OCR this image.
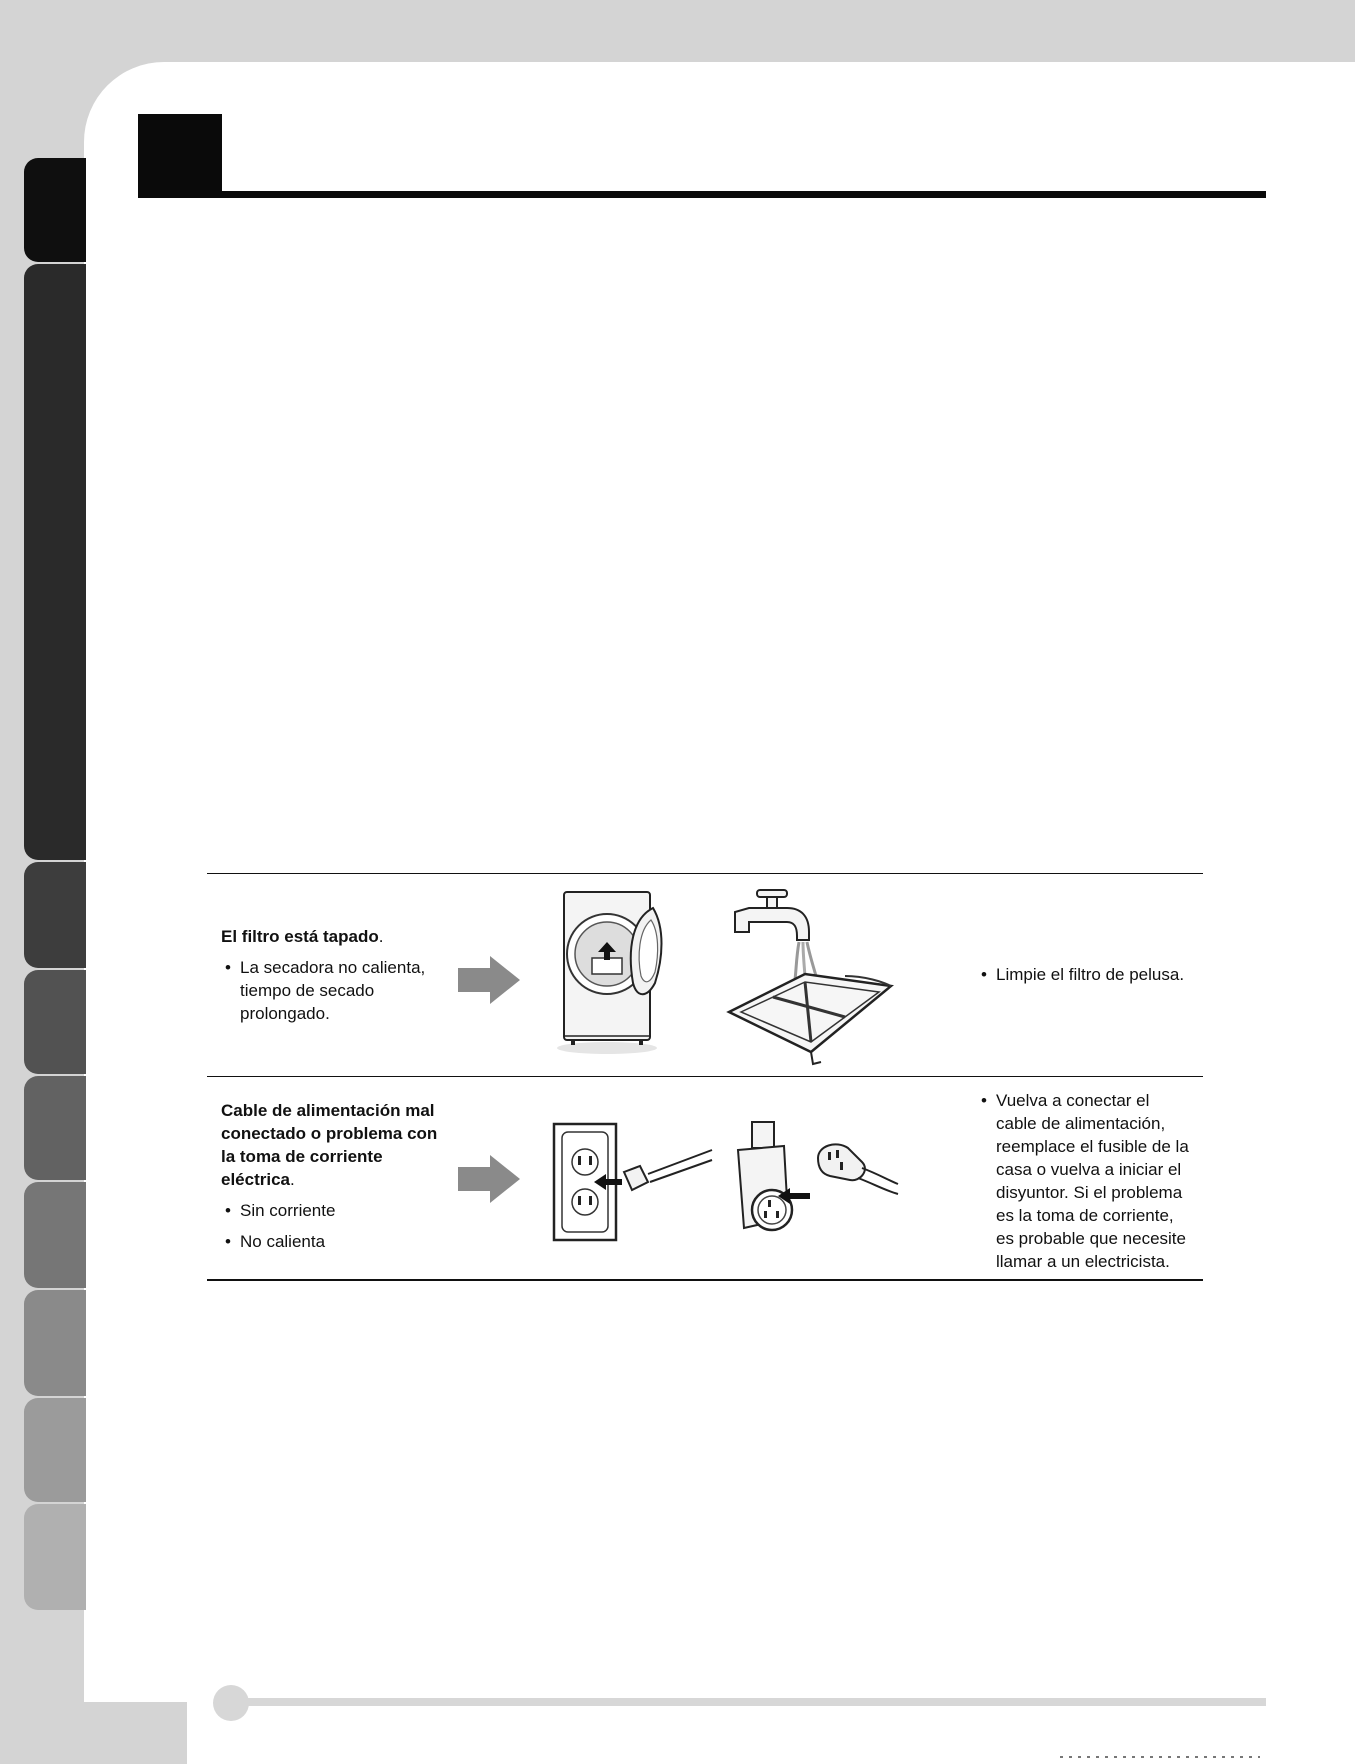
El filtro está tapado.
• La secadora no calienta, tiempo de secado prolongado.
• Limpie el filtro de pelusa.
Cable de alimentación mal conectado o problema con la toma de corriente eléctrica.
• Sin corriente
• No calienta
• Vuelva a conectar el cable de alimentación, reemplace el fusible de la casa o vuelva a iniciar el disyuntor. Si el problema es la toma de corriente, es probable que necesite llamar a un electricista.
